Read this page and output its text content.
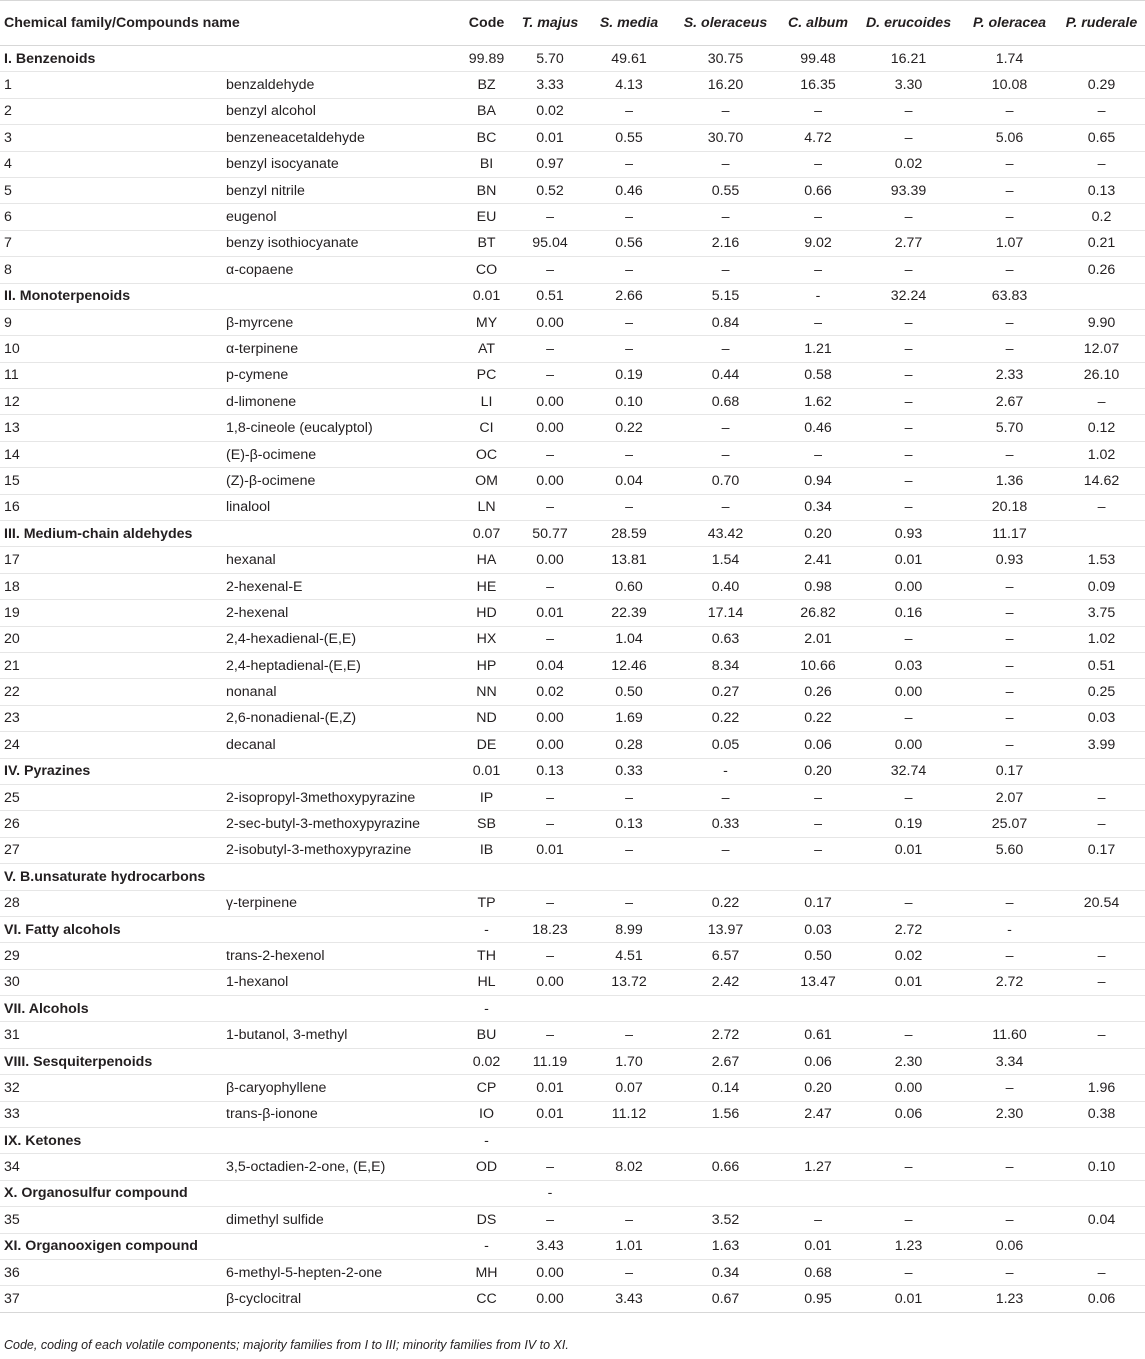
Chemical family/Compounds name		Code	T. majus	S. media	S. oleraceus	C. album	D. erucoides	P. oleracea	P. ruderale
I. Benzenoids		99.89	5.70	49.61	30.75	99.48	16.21	1.74	
1	benzaldehyde	BZ	3.33	4.13	16.20	16.35	3.30	10.08	0.29
2	benzyl alcohol	BA	0.02	–	–	–	–	–	–
3	benzeneacetaldehyde	BC	0.01	0.55	30.70	4.72	–	5.06	0.65
4	benzyl isocyanate	BI	0.97	–	–	–	0.02	–	–
5	benzyl nitrile	BN	0.52	0.46	0.55	0.66	93.39	–	0.13
6	eugenol	EU	–	–	–	–	–	–	0.2
7	benzy isothiocyanate	BT	95.04	0.56	2.16	9.02	2.77	1.07	0.21
8	α-copaene	CO	–	–	–	–	–	–	0.26
II. Monoterpenoids		0.01	0.51	2.66	5.15	-	32.24	63.83	
9	β-myrcene	MY	0.00	–	0.84	–	–	–	9.90
10	α-terpinene	AT	–	–	–	1.21	–	–	12.07
11	p-cymene	PC	–	0.19	0.44	0.58	–	2.33	26.10
12	d-limonene	LI	0.00	0.10	0.68	1.62	–	2.67	–
13	1,8-cineole (eucalyptol)	CI	0.00	0.22	–	0.46	–	5.70	0.12
14	(E)-β-ocimene	OC	–	–	–	–	–	–	1.02
15	(Z)-β-ocimene	OM	0.00	0.04	0.70	0.94	–	1.36	14.62
16	linalool	LN	–	–	–	0.34	–	20.18	–
III. Medium-chain aldehydes		0.07	50.77	28.59	43.42	0.20	0.93	11.17	
17	hexanal	HA	0.00	13.81	1.54	2.41	0.01	0.93	1.53
18	2-hexenal-E	HE	–	0.60	0.40	0.98	0.00	–	0.09
19	2-hexenal	HD	0.01	22.39	17.14	26.82	0.16	–	3.75
20	2,4-hexadienal-(E,E)	HX	–	1.04	0.63	2.01	–	–	1.02
21	2,4-heptadienal-(E,E)	HP	0.04	12.46	8.34	10.66	0.03	–	0.51
22	nonanal	NN	0.02	0.50	0.27	0.26	0.00	–	0.25
23	2,6-nonadienal-(E,Z)	ND	0.00	1.69	0.22	0.22	–	–	0.03
24	decanal	DE	0.00	0.28	0.05	0.06	0.00	–	3.99
IV. Pyrazines		0.01	0.13	0.33	-	0.20	32.74	0.17	
25	2-isopropyl-3methoxypyrazine	IP	–	–	–	–	–	2.07	–
26	2-sec-butyl-3-methoxypyrazine	SB	–	0.13	0.33	–	0.19	25.07	–
27	2-isobutyl-3-methoxypyrazine	IB	0.01	–	–	–	0.01	5.60	0.17
V. B.unsaturate hydrocarbons									
28	γ-terpinene	TP	–	–	0.22	0.17	–	–	20.54
VI. Fatty alcohols		-	18.23	8.99	13.97	0.03	2.72	-	
29	trans-2-hexenol	TH	–	4.51	6.57	0.50	0.02	–	–
30	1-hexanol	HL	0.00	13.72	2.42	13.47	0.01	2.72	–
VII. Alcohols		-							
31	1-butanol, 3-methyl	BU	–	–	2.72	0.61	–	11.60	–
VIII. Sesquiterpenoids		0.02	11.19	1.70	2.67	0.06	2.30	3.34	
32	β-caryophyllene	CP	0.01	0.07	0.14	0.20	0.00	–	1.96
33	trans-β-ionone	IO	0.01	11.12	1.56	2.47	0.06	2.30	0.38
IX. Ketones		-							
34	3,5-octadien-2-one, (E,E)	OD	–	8.02	0.66	1.27	–	–	0.10
X. Organosulfur compound			-						
35	dimethyl sulfide	DS	–	–	3.52	–	–	–	0.04
XI. Organooxigen compound		-	3.43	1.01	1.63	0.01	1.23	0.06	
36	6-methyl-5-hepten-2-one	MH	0.00	–	0.34	0.68	–	–	–
37	β-cyclocitral	CC	0.00	3.43	0.67	0.95	0.01	1.23	0.06
Code, coding of each volatile components; majority families from I to III; minority families from IV to XI.
